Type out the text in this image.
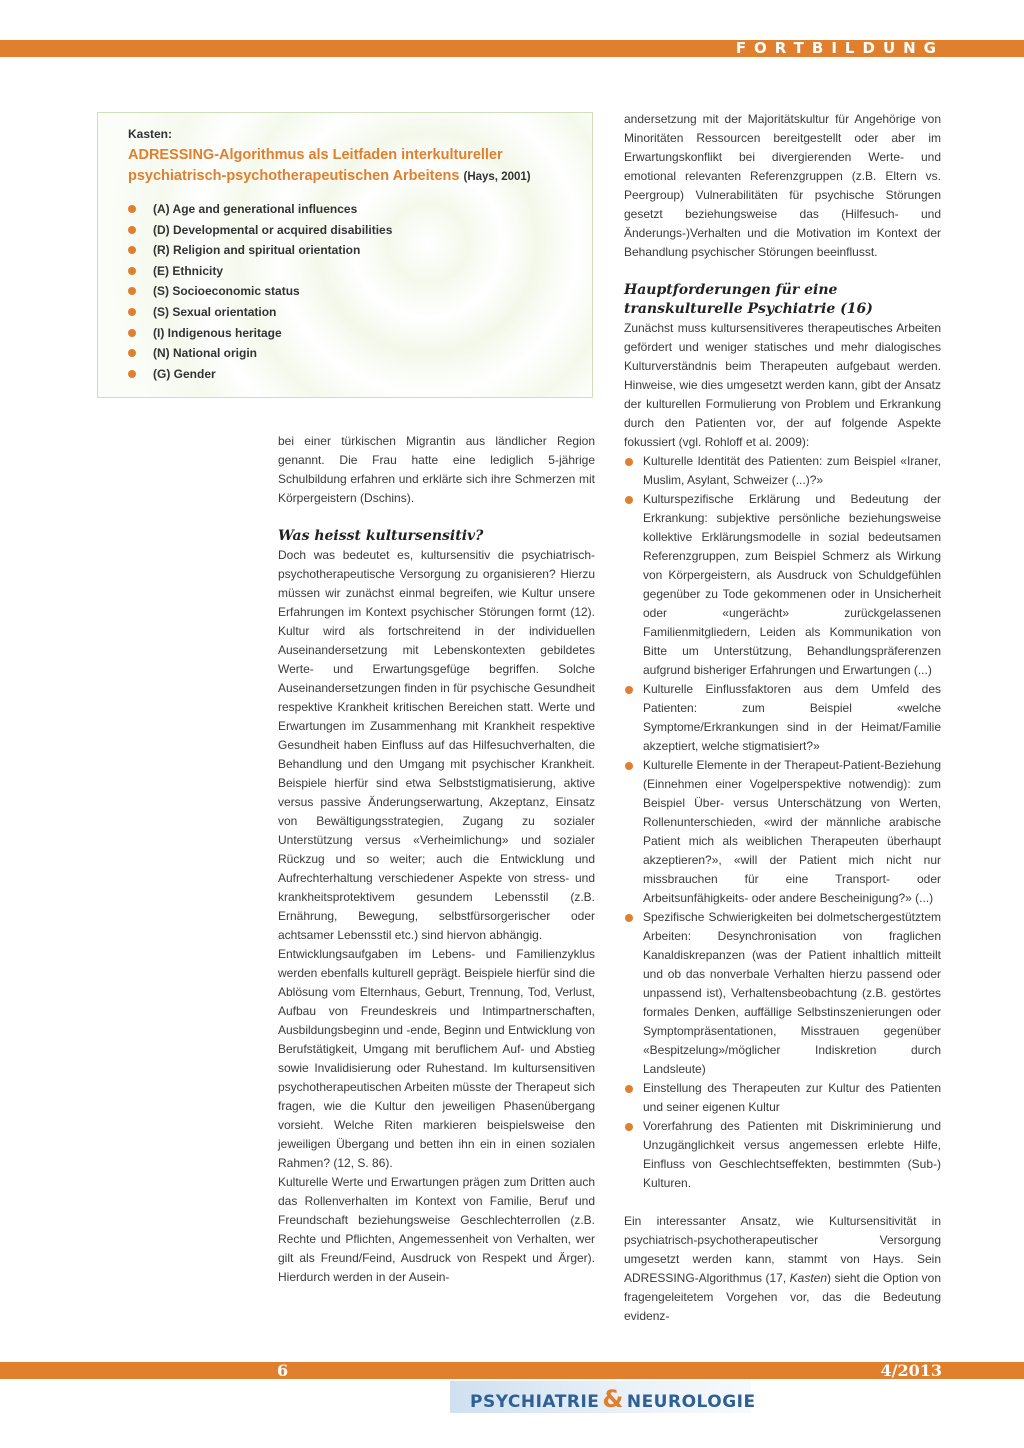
FORTBILDUNG
Kasten:
ADRESSING-Algorithmus als Leitfaden interkultureller psychiatrisch-psychotherapeutischen Arbeitens (Hays, 2001)
(A) Age and generational influences
(D) Developmental or acquired disabilities
(R) Religion and spiritual orientation
(E) Ethnicity
(S) Socioeconomic status
(S) Sexual orientation
(I) Indigenous heritage
(N) National origin
(G) Gender

bei einer türkischen Migrantin aus ländlicher Region genannt. Die Frau hatte eine lediglich 5-jährige Schulbildung erfahren und erklärte sich ihre Schmerzen mit Körpergeistern (Dschins).

Was heisst kultursensitiv?

Doch was bedeutet es, kultursensitiv die psychiatrisch-psychotherapeutische Versorgung zu organisieren? Hierzu müssen wir zunächst einmal begreifen, wie Kultur unsere Erfahrungen im Kontext psychischer Störungen formt (12). Kultur wird als fortschreitend in der individuellen Auseinandersetzung mit Lebenskontexten gebildetes Werte- und Erwartungsgefüge begriffen. Solche Auseinandersetzungen finden in für psychische Gesundheit respektive Krankheit kritischen Bereichen statt. Werte und Erwartungen im Zusammenhang mit Krankheit respektive Gesundheit haben Einfluss auf das Hilfesuchverhalten, die Behandlung und den Umgang mit psychischer Krankheit. Beispiele hierfür sind etwa Selbststigmatisierung, aktive versus passive Änderungserwartung, Akzeptanz, Einsatz von Bewältigungsstrategien, Zugang zu sozialer Unterstützung versus «Verheimlichung» und sozialer Rückzug und so weiter; auch die Entwicklung und Aufrechterhaltung verschiedener Aspekte von stress- und krankheitsprotektivem gesundem Lebensstil (z.B. Ernährung, Bewegung, selbstfürsorgerischer oder achtsamer Lebensstil etc.) sind hiervon abhängig.

Entwicklungsaufgaben im Lebens- und Familienzyklus werden ebenfalls kulturell geprägt. Beispiele hierfür sind die Ablösung vom Elternhaus, Geburt, Trennung, Tod, Verlust, Aufbau von Freundeskreis und Intimpartnerschaften, Ausbildungsbeginn und -ende, Beginn und Entwicklung von Berufstätigkeit, Umgang mit beruflichem Auf- und Abstieg sowie Invalidisierung oder Ruhestand. Im kultursensitiven psychotherapeutischen Arbeiten müsste der Therapeut sich fragen, wie die Kultur den jeweiligen Phasenübergang vorsieht. Welche Riten markieren beispielsweise den jeweiligen Übergang und betten ihn ein in einen sozialen Rahmen? (12, S. 86).

Kulturelle Werte und Erwartungen prägen zum Dritten auch das Rollenverhalten im Kontext von Familie, Beruf und Freundschaft beziehungsweise Geschlechterrollen (z.B. Rechte und Pflichten, Angemessenheit von Verhalten, wer gilt als Freund/Feind, Ausdruck von Respekt und Ärger). Hierdurch werden in der Ausein-

andersetzung mit der Majoritätskultur für Angehörige von Minoritäten Ressourcen bereitgestellt oder aber im Erwartungskonflikt bei divergierenden Werte- und emotional relevanten Referenzgruppen (z.B. Eltern vs. Peergroup) Vulnerabilitäten für psychische Störungen gesetzt beziehungsweise das (Hilfesuch- und Änderungs-)Verhalten und die Motivation im Kontext der Behandlung psychischer Störungen beeinflusst.

Hauptforderungen für eine transkulturelle Psychiatrie (16)

Zunächst muss kultursensitiveres therapeutisches Arbeiten gefördert und weniger statisches und mehr dialogisches Kulturverständnis beim Therapeuten aufgebaut werden. Hinweise, wie dies umgesetzt werden kann, gibt der Ansatz der kulturellen Formulierung von Problem und Erkrankung durch den Patienten vor, der auf folgende Aspekte fokussiert (vgl. Rohloff et al. 2009):

Kulturelle Identität des Patienten: zum Beispiel «Iraner, Muslim, Asylant, Schweizer (...)?»
Kulturspezifische Erklärung und Bedeutung der Erkrankung: subjektive persönliche beziehungsweise kollektive Erklärungsmodelle in sozial bedeutsamen Referenzgruppen, zum Beispiel Schmerz als Wirkung von Körpergeistern, als Ausdruck von Schuldgefühlen gegenüber zu Tode gekommenen oder in Unsicherheit oder «ungerächt» zurückgelassenen Familienmitgliedern, Leiden als Kommunikation von Bitte um Unterstützung, Behandlungspräferenzen aufgrund bisheriger Erfahrungen und Erwartungen (...)
Kulturelle Einflussfaktoren aus dem Umfeld des Patienten: zum Beispiel «welche Symptome/Erkrankungen sind in der Heimat/Familie akzeptiert, welche stigmatisiert?»
Kulturelle Elemente in der Therapeut-Patient-Beziehung (Einnehmen einer Vogelperspektive notwendig): zum Beispiel Über- versus Unterschätzung von Werten, Rollenunterschieden, «wird der männliche arabische Patient mich als weiblichen Therapeuten überhaupt akzeptieren?», «will der Patient mich nicht nur missbrauchen für eine Transport- oder Arbeitsunfähigkeits- oder andere Bescheinigung?» (...)
Spezifische Schwierigkeiten bei dolmetschergestütztem Arbeiten: Desynchronisation von fraglichen Kanaldiskrepanzen (was der Patient inhaltlich mitteilt und ob das nonverbale Verhalten hierzu passend oder unpassend ist), Verhaltensbeobachtung (z.B. gestörtes formales Denken, auffällige Selbstinszenierungen oder Symptompräsentationen, Misstrauen gegenüber «Bespitzelung»/möglicher Indiskretion durch Landsleute)
Einstellung des Therapeuten zur Kultur des Patienten und seiner eigenen Kultur
Vorerfahrung des Patienten mit Diskriminierung und Unzugänglichkeit versus angemessen erlebte Hilfe, Einfluss von Geschlechtseffekten, bestimmten (Sub-) Kulturen.

Ein interessanter Ansatz, wie Kultursensitivität in psychiatrisch-psychotherapeutischer Versorgung umgesetzt werden kann, stammt von Hays. Sein ADRESSING-Algorithmus (17, Kasten) sieht die Option von fragengeleitetem Vorgehen vor, das die Bedeutung evidenz-

6	4/2013
PSYCHIATRIE & NEUROLOGIE
